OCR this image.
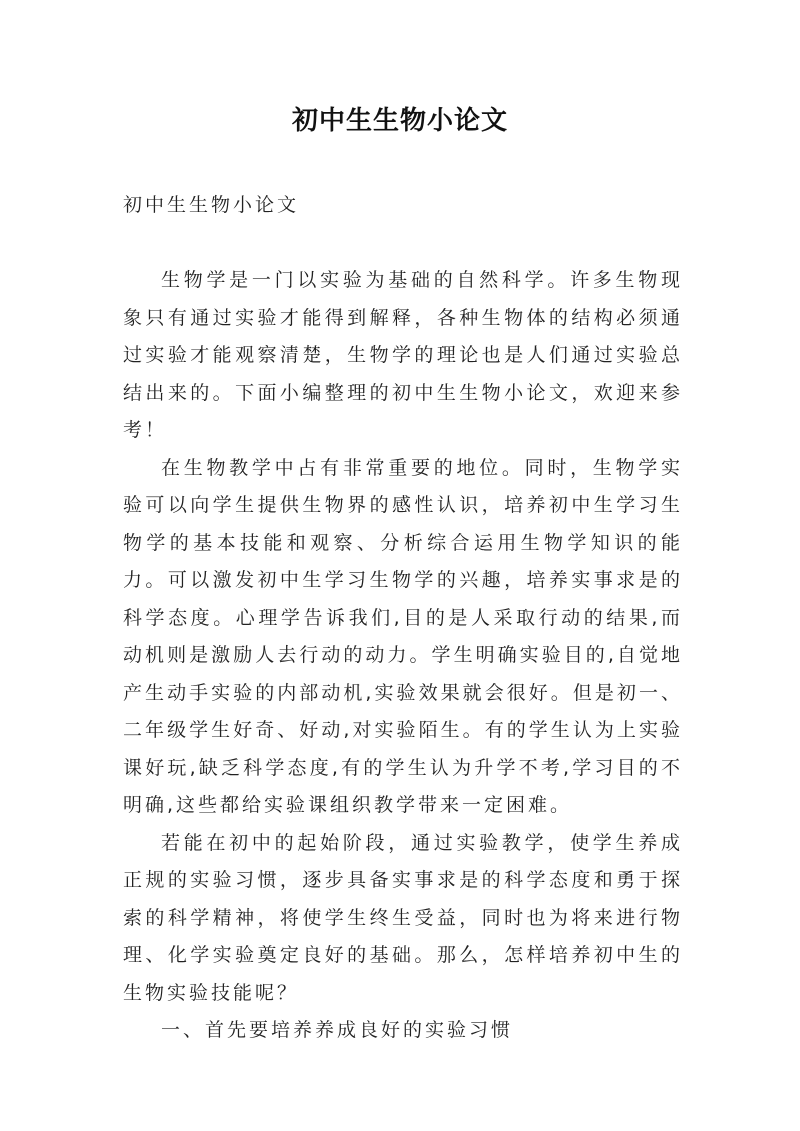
初中生生物小论文
初中生生物小论文

生物学是一门以实验为基础的自然科学。许多生物现象只有通过实验才能得到解释，各种生物体的结构必须通过实验才能观察清楚，生物学的理论也是人们通过实验总结出来的。下面小编整理的初中生生物小论文，欢迎来参考！

在生物教学中占有非常重要的地位。同时，生物学实验可以向学生提供生物界的感性认识，培养初中生学习生物学的基本技能和观察、分析综合运用生物学知识的能力。可以激发初中生学习生物学的兴趣，培养实事求是的科学态度。心理学告诉我们,目的是人采取行动的结果,而动机则是激励人去行动的动力。学生明确实验目的,自觉地产生动手实验的内部动机,实验效果就会很好。但是初一、二年级学生好奇、好动,对实验陌生。有的学生认为上实验课好玩,缺乏科学态度,有的学生认为升学不考,学习目的不明确,这些都给实验课组织教学带来一定困难。

若能在初中的起始阶段，通过实验教学，使学生养成正规的实验习惯，逐步具备实事求是的科学态度和勇于探索的科学精神，将使学生终生受益，同时也为将来进行物理、化学实验奠定良好的基础。那么，怎样培养初中生的生物实验技能呢？

一、首先要培养养成良好的实验习惯
